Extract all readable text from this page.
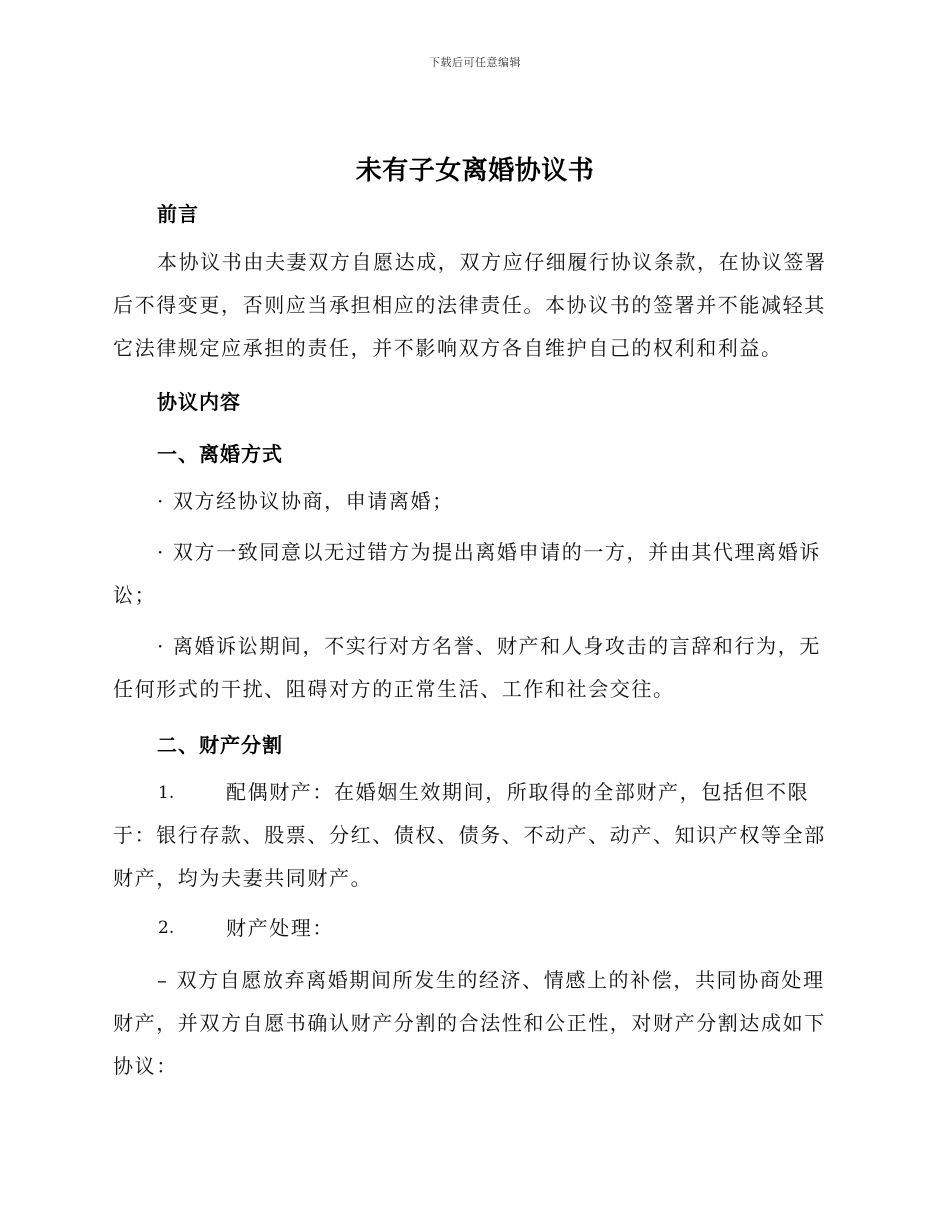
下载后可任意编辑
未有子女离婚协议书
前言
本协议书由夫妻双方自愿达成，双方应仔细履行协议条款，在协议签署
后不得变更，否则应当承担相应的法律责任。本协议书的签署并不能减轻其
它法律规定应承担的责任，并不影响双方各自维护自己的权利和利益。
协议内容
一、离婚方式
· 双方经协议协商，申请离婚；
· 双方一致同意以无过错方为提出离婚申请的一方，并由其代理离婚诉
讼；
· 离婚诉讼期间，不实行对方名誉、财产和人身攻击的言辞和行为，无
任何形式的干扰、阻碍对方的正常生活、工作和社会交往。
二、财产分割
1.	配偶财产：在婚姻生效期间，所取得的全部财产，包括但不限
于：银行存款、股票、分红、债权、债务、不动产、动产、知识产权等全部
财产，均为夫妻共同财产。
2.	财产处理：
– 双方自愿放弃离婚期间所发生的经济、情感上的补偿，共同协商处理
财产，并双方自愿书确认财产分割的合法性和公正性，对财产分割达成如下
协议：
